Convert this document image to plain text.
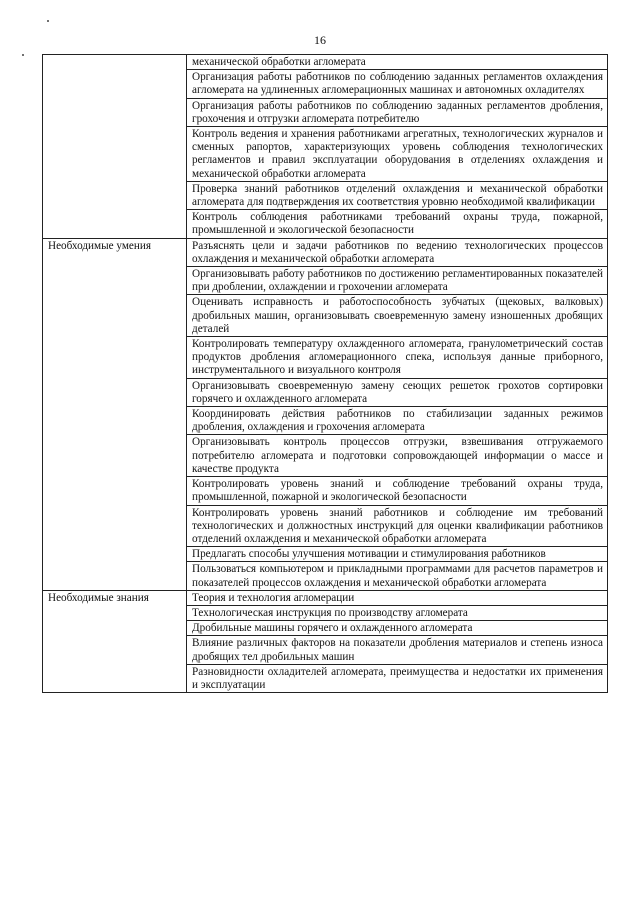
16
	механической обработки агломерата
	Организация работы работников по соблюдению заданных регламентов охлаждения агломерата на удлиненных агломерационных машинах и автономных охладителях
	Организация работы работников по соблюдению заданных регламентов дробления, грохочения и отгрузки агломерата потребителю
	Контроль ведения и хранения работниками агрегатных, технологических журналов и сменных рапортов, характеризующих уровень соблюдения технологических регламентов и правил эксплуатации оборудования в отделениях охлаждения и механической обработки агломерата
	Проверка знаний работников отделений охлаждения и механической обработки агломерата для подтверждения их соответствия уровню необходимой квалификации
	Контроль соблюдения работниками требований охраны труда, пожарной, промышленной и экологической безопасности
Необходимые умения	Разъяснять цели и задачи работников по ведению технологических процессов охлаждения и механической обработки агломерата
	Организовывать работу работников по достижению регламентированных показателей при дроблении, охлаждении и грохочении агломерата
	Оценивать исправность и работоспособность зубчатых (щековых, валковых) дробильных машин, организовывать своевременную замену изношенных дробящих деталей
	Контролировать температуру охлажденного агломерата, гранулометрический состав продуктов дробления агломерационного спека, используя данные приборного, инструментального и визуального контроля
	Организовывать своевременную замену сеющих решеток грохотов сортировки горячего и охлажденного агломерата
	Координировать действия работников по стабилизации заданных режимов дробления, охлаждения и грохочения агломерата
	Организовывать контроль процессов отгрузки, взвешивания отгружаемого потребителю агломерата и подготовки сопровождающей информации о массе и качестве продукта
	Контролировать уровень знаний и соблюдение требований охраны труда, промышленной, пожарной и экологической безопасности
	Контролировать уровень знаний работников и соблюдение им требований технологических и должностных инструкций для оценки квалификации работников отделений охлаждения и механической обработки агломерата
	Предлагать способы улучшения мотивации и стимулирования работников
	Пользоваться компьютером и прикладными программами для расчетов параметров и показателей процессов охлаждения и механической обработки агломерата
Необходимые знания	Теория и технология агломерации
	Технологическая инструкция по производству агломерата
	Дробильные машины горячего и охлажденного агломерата
	Влияние различных факторов на показатели дробления материалов и степень износа дробящих тел дробильных машин
	Разновидности охладителей агломерата, преимущества и недостатки их применения и эксплуатации
